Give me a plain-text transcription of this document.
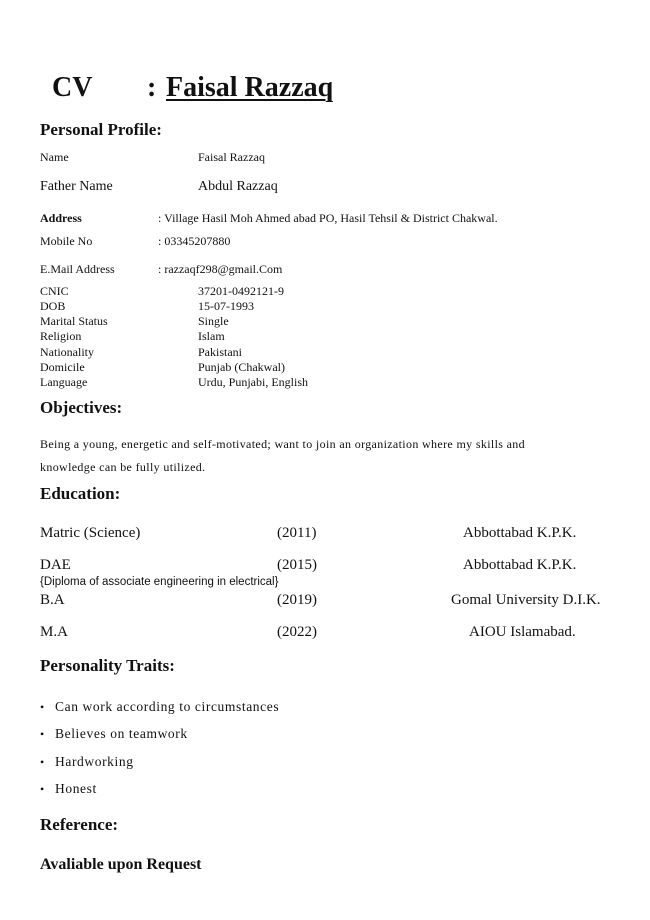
CV : Faisal Razzaq
Personal Profile:
Name	Faisal Razzaq
Father Name	Abdul Razzaq
Address	: Village Hasil Moh Ahmed abad PO, Hasil Tehsil & District Chakwal.
Mobile No	: 03345207880
E.Mail Address	: razzaqf298@gmail.Com
CNIC	37201-0492121-9
DOB	15-07-1993
Marital Status	Single
Religion	Islam
Nationality	Pakistani
Domicile	Punjab (Chakwal)
Language	Urdu, Punjabi, English
Objectives:
Being a young, energetic and self-motivated; want to join an organization where my skills and
knowledge can be fully utilized.
Education:
Matric (Science)	(2011)	Abbottabad K.P.K.
DAE	(2015)	Abbottabad K.P.K.
{Diploma of associate engineering in electrical}
B.A	(2019)	Gomal University D.I.K.
M.A	(2022)	AIOU Islamabad.
Personality Traits:
• Can work according to circumstances
• Believes on teamwork
• Hardworking
• Honest
Reference:
Avaliable upon Request
